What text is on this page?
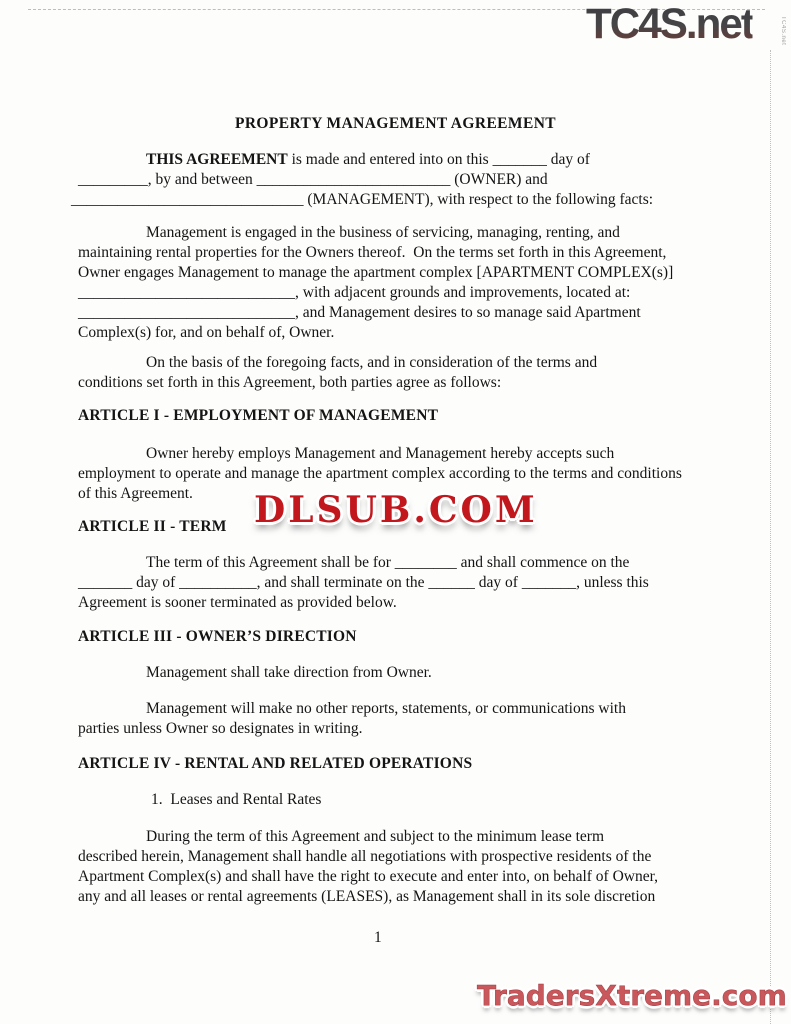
TC4S.net	TC4S.net
PROPERTY MANAGEMENT AGREEMENT
THIS AGREEMENT is made and entered into on this _______ day of
_________, by and between _________________________ (OWNER) and
______________________________ (MANAGEMENT), with respect to the following facts:
Management is engaged in the business of servicing, managing, renting, and
maintaining rental properties for the Owners thereof.  On the terms set forth in this Agreement,
Owner engages Management to manage the apartment complex [APARTMENT COMPLEX(s)]
____________________________, with adjacent grounds and improvements, located at:
____________________________, and Management desires to so manage said Apartment
Complex(s) for, and on behalf of, Owner.
On the basis of the foregoing facts, and in consideration of the terms and
conditions set forth in this Agreement, both parties agree as follows:
ARTICLE I - EMPLOYMENT OF MANAGEMENT
Owner hereby employs Management and Management hereby accepts such
employment to operate and manage the apartment complex according to the terms and conditions
of this Agreement.
ARTICLE II - TERM
The term of this Agreement shall be for ________ and shall commence on the
_______ day of __________, and shall terminate on the ______ day of _______, unless this
Agreement is sooner terminated as provided below.
ARTICLE III - OWNER’S DIRECTION
Management shall take direction from Owner.
Management will make no other reports, statements, or communications with
parties unless Owner so designates in writing.
ARTICLE IV - RENTAL AND RELATED OPERATIONS
1.  Leases and Rental Rates
During the term of this Agreement and subject to the minimum lease term
described herein, Management shall handle all negotiations with prospective residents of the
Apartment Complex(s) and shall have the right to execute and enter into, on behalf of Owner,
any and all leases or rental agreements (LEASES), as Management shall in its sole discretion
1
DLSUB.COM
TradersXtreme.com
